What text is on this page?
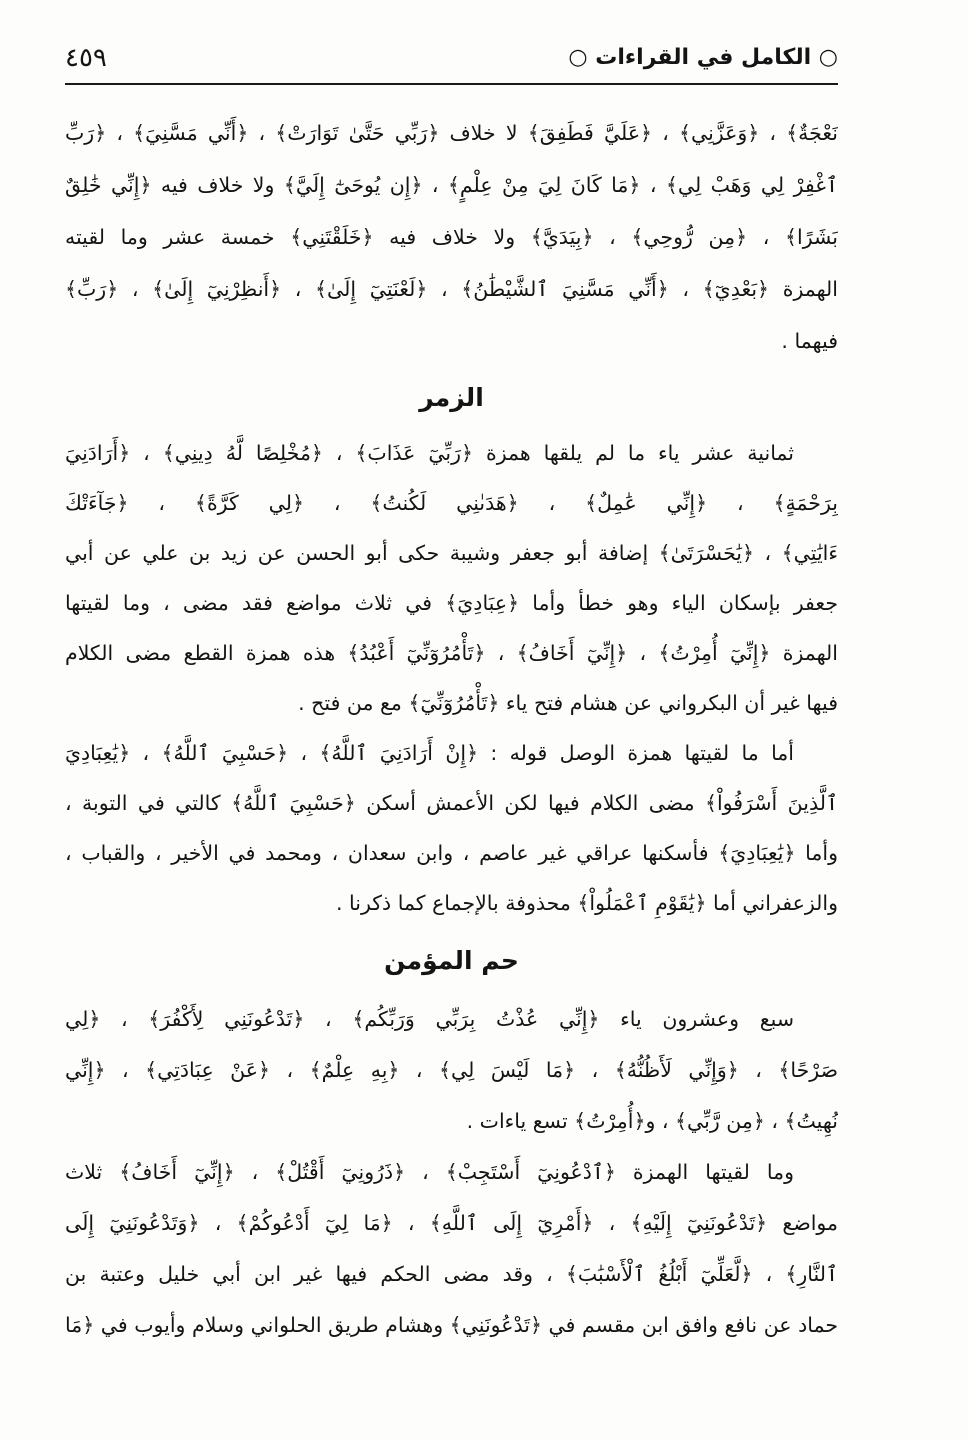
○ الكامل في القراءات ○
٤٥٩
نَعْجَةٌ﴾ ، ﴿وَعَزَّنِي﴾ ، ﴿عَلَيَّ فَطَفِقَ﴾ لا خلاف ﴿رَبِّي حَتَّىٰ تَوَارَتْ﴾ ، ﴿أَنِّي مَسَّنِيَ﴾ ، ﴿رَبِّ
ٱغْفِرْ لِي وَهَبْ لِي﴾ ، ﴿مَا كَانَ لِيَ مِنْ عِلْمٍ﴾ ، ﴿إِن يُوحَىٰٓ إِلَيَّ﴾ ولا خلاف فيه ﴿إِنِّي خَٰلِقٌ
بَشَرًا﴾ ، ﴿مِن رُّوحِي﴾ ، ﴿بِيَدَيَّ﴾ ولا خلاف فيه ﴿خَلَقْتَنِي﴾ خمسة عشر وما لقيته
الهمزة ﴿بَعْدِيٓ﴾ ، ﴿أَنِّي مَسَّنِيَ ٱلشَّيْطَٰنُ﴾ ، ﴿لَعْنَتِيٓ إِلَىٰ﴾ ، ﴿أَنظِرْنِيٓ إِلَىٰ﴾ ، ﴿رَبِّ﴾
فيهما .
الزمر
ثمانية عشر ياء ما لم يلقها همزة ﴿رَبِّيٓ عَذَابَ﴾ ، ﴿مُخْلِصًا لَّهُ دِينِي﴾ ، ﴿أَرَادَنِيَ
بِرَحْمَةٍ﴾ ، ﴿إِنِّي عَٰمِلٌ﴾ ، ﴿هَدَىٰنِي لَكُنتُ﴾ ، ﴿لِي كَرَّةً﴾ ، ﴿جَآءَتْكَ
ءَايَٰتِي﴾ ، ﴿يَٰحَسْرَتَىٰ﴾ إضافة أبو جعفر وشيبة حكى أبو الحسن عن زيد بن علي عن أبي
جعفر بإسكان الياء وهو خطأ وأما ﴿عِبَادِيَ﴾ في ثلاث مواضع فقد مضى ، وما لقيتها
الهمزة ﴿إِنِّيٓ أُمِرْتُ﴾ ، ﴿إِنِّيٓ أَخَافُ﴾ ، ﴿تَأْمُرُوٓنِّيٓ أَعْبُدُ﴾ هذه همزة القطع مضى الكلام
فيها غير أن البكرواني عن هشام فتح ياء ﴿تَأْمُرُوٓنِّيٓ﴾ مع من فتح .
أما ما لقيتها همزة الوصل قوله : ﴿إِنْ أَرَادَنِيَ ٱللَّهُ﴾ ، ﴿حَسْبِيَ ٱللَّهُ﴾ ، ﴿يَٰعِبَادِيَ
ٱلَّذِينَ أَسْرَفُواْ﴾ مضى الكلام فيها لكن الأعمش أسكن ﴿حَسْبِيَ ٱللَّهُ﴾ كالتي في التوبة ،
وأما ﴿يَٰعِبَادِيَ﴾ فأسكنها عراقي غير عاصم ، وابن سعدان ، ومحمد في الأخير ، والقباب ،
والزعفراني أما ﴿يَٰقَوْمِ ٱعْمَلُواْ﴾ محذوفة بالإجماع كما ذكرنا .
حم المؤمن
سبع وعشرون ياء ﴿إِنِّي عُذْتُ بِرَبِّي وَرَبِّكُم﴾ ، ﴿تَدْعُونَنِي لِأَكْفُرَ﴾ ، ﴿لِي
صَرْحًا﴾ ، ﴿وَإِنِّي لَأَظُنُّهُ﴾ ، ﴿مَا لَيْسَ لِي﴾ ، ﴿بِهِ عِلْمٌ﴾ ، ﴿عَنْ عِبَادَتِي﴾ ، ﴿إِنِّي
نُهِيتُ﴾ ، ﴿مِن رَّبِّي﴾ ، و﴿أُمِرْتُ﴾ تسع ياءات .
وما لقيتها الهمزة ﴿ٱدْعُونِيٓ أَسْتَجِبْ﴾ ، ﴿ذَرُونِيٓ أَقْتُلْ﴾ ، ﴿إِنِّيٓ أَخَافُ﴾ ثلاث
مواضع ﴿تَدْعُونَنِيٓ إِلَيْهِ﴾ ، ﴿أَمْرِيٓ إِلَى ٱللَّهِ﴾ ، ﴿مَا لِيٓ أَدْعُوكُمْ﴾ ، ﴿وَتَدْعُونَنِيٓ إِلَى
ٱلنَّارِ﴾ ، ﴿لَّعَلِّيٓ أَبْلُغُ ٱلْأَسْبَٰبَ﴾ ، وقد مضى الحكم فيها غير ابن أبي خليل وعتبة بن
حماد عن نافع وافق ابن مقسم في ﴿تَدْعُونَنِي﴾ وهشام طريق الحلواني وسلام وأيوب في ﴿مَا
